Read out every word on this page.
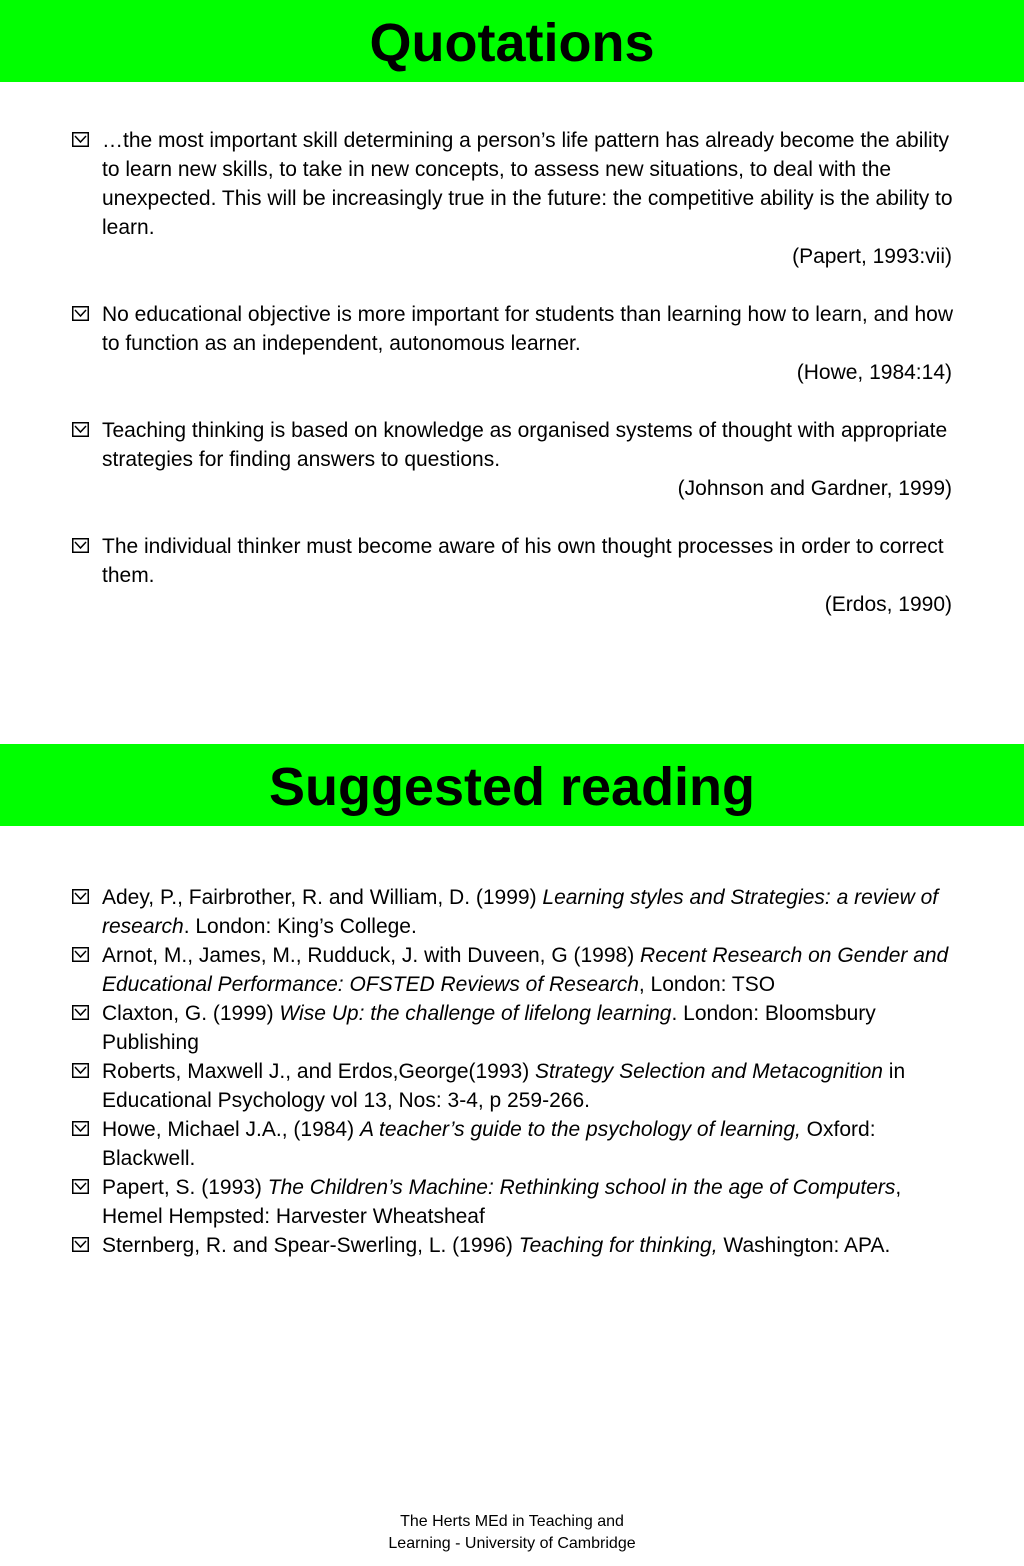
Quotations
…the most important skill determining a person’s life pattern has already become the ability to learn new skills, to take in new concepts, to assess new situations, to deal with the unexpected. This will be increasingly true in the future: the competitive ability is the ability to learn.
(Papert, 1993:vii)
No educational objective is more important for students than learning how to learn, and how to function as an independent, autonomous learner.
(Howe, 1984:14)
Teaching thinking is based on knowledge as organised systems of thought with appropriate strategies for finding answers to questions.
(Johnson and Gardner, 1999)
The individual thinker must become aware of his own thought processes in order to correct them.
(Erdos, 1990)
Suggested reading
Adey, P., Fairbrother, R. and William, D. (1999) Learning styles and Strategies: a review of research. London: King’s College.
Arnot, M., James, M., Rudduck, J. with Duveen, G (1998) Recent Research on Gender and Educational Performance: OFSTED Reviews of Research, London: TSO
Claxton, G. (1999) Wise Up: the challenge of lifelong learning. London: Bloomsbury Publishing
Roberts, Maxwell J., and Erdos,George(1993) Strategy Selection and Metacognition in Educational Psychology vol 13, Nos: 3-4, p 259-266.
Howe, Michael J.A., (1984) A teacher’s guide to the psychology of learning, Oxford: Blackwell.
Papert, S. (1993) The Children’s Machine: Rethinking school in the age of Computers, Hemel Hempsted: Harvester Wheatsheaf
Sternberg, R. and Spear-Swerling, L. (1996) Teaching for thinking, Washington: APA.
The Herts MEd in Teaching and
Learning - University of Cambridge
